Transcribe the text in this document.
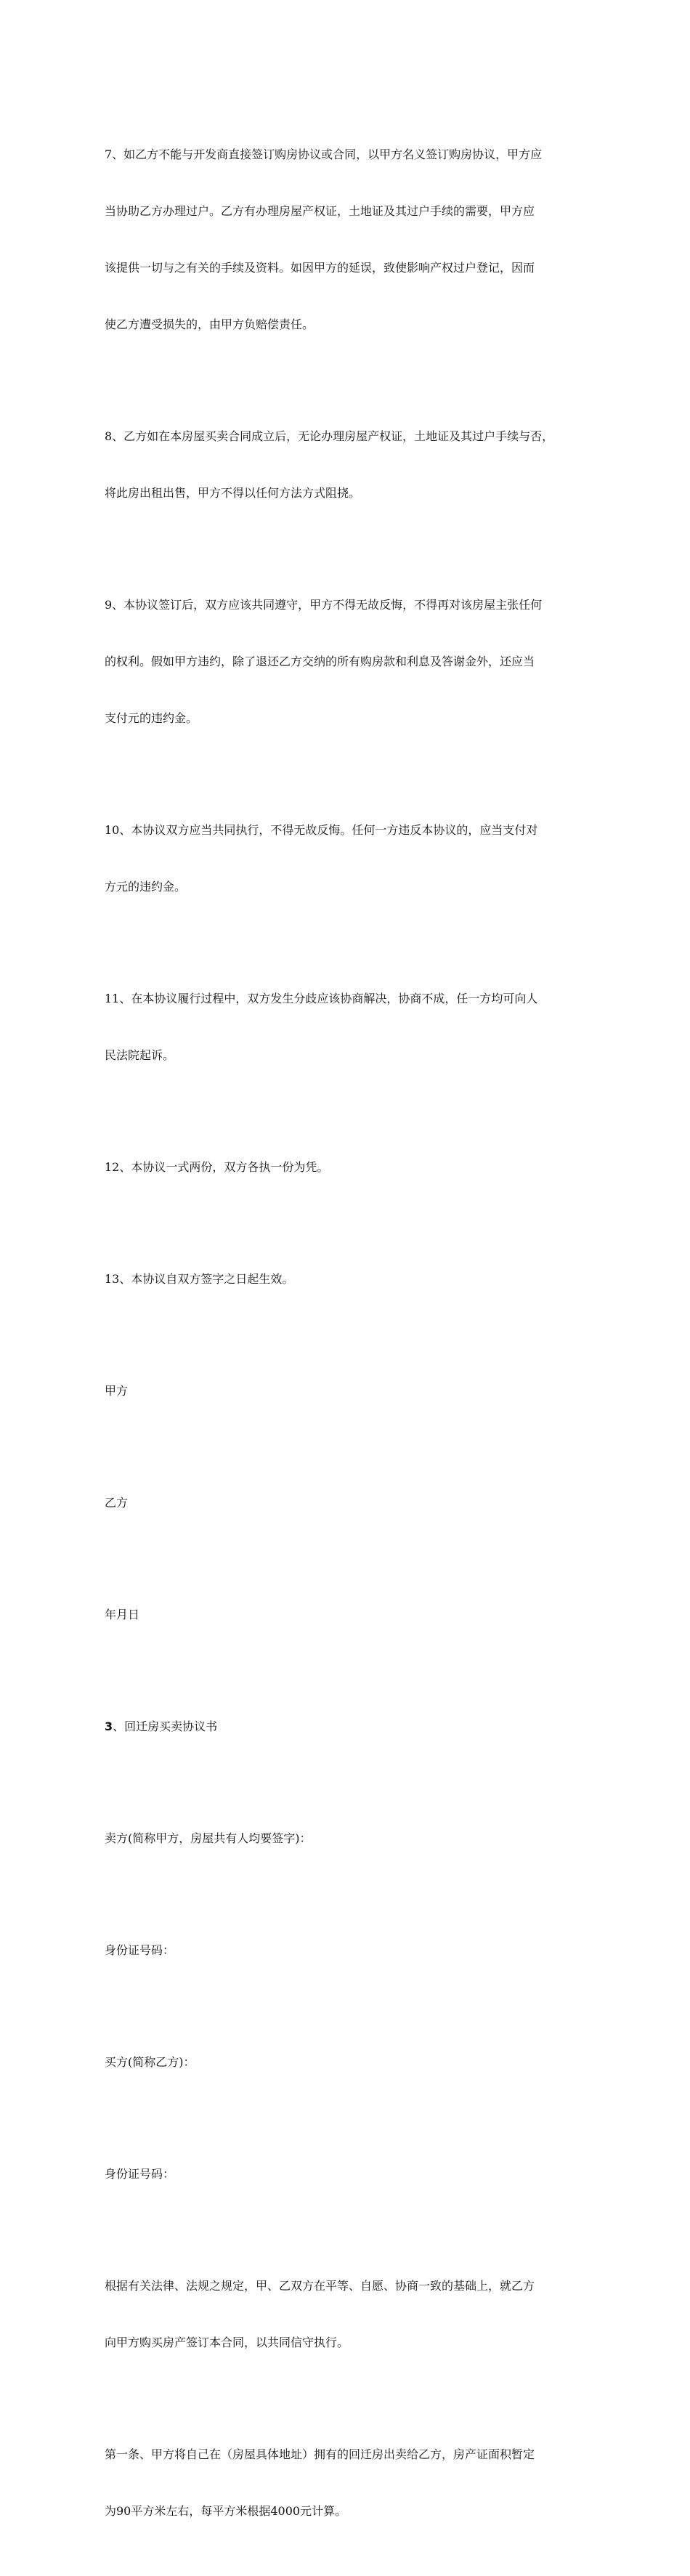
7、如乙方不能与开发商直接签订购房协议或合同，以甲方名义签订购房协议，甲方应

当协助乙方办理过户。乙方有办理房屋产权证，土地证及其过户手续的需要，甲方应

该提供一切与之有关的手续及资料。如因甲方的延误，致使影响产权过户登记，因而

使乙方遭受损失的，由甲方负赔偿责任。

8、乙方如在本房屋买卖合同成立后，无论办理房屋产权证，土地证及其过户手续与否，

将此房出租出售，甲方不得以任何方法方式阻挠。

9、本协议签订后，双方应该共同遵守，甲方不得无故反悔，不得再对该房屋主张任何

的权利。假如甲方违约，除了退还乙方交纳的所有购房款和利息及答谢金外，还应当

支付元的违约金。

10、本协议双方应当共同执行，不得无故反悔。任何一方违反本协议的，应当支付对

方元的违约金。

11、在本协议履行过程中，双方发生分歧应该协商解决，协商不成，任一方均可向人

民法院起诉。

12、本协议一式两份，双方各执一份为凭。

13、本协议自双方签字之日起生效。

甲方

乙方

年月日

3、回迁房买卖协议书

卖方(简称甲方，房屋共有人均要签字)：

身份证号码：

买方(简称乙方)：

身份证号码：

根据有关法律、法规之规定，甲、乙双方在平等、自愿、协商一致的基础上，就乙方

向甲方购买房产签订本合同，以共同信守执行。

第一条、甲方将自己在（房屋具体地址）拥有的回迁房出卖给乙方，房产证面积暂定

为90平方米左右，每平方米根据4000元计算。
